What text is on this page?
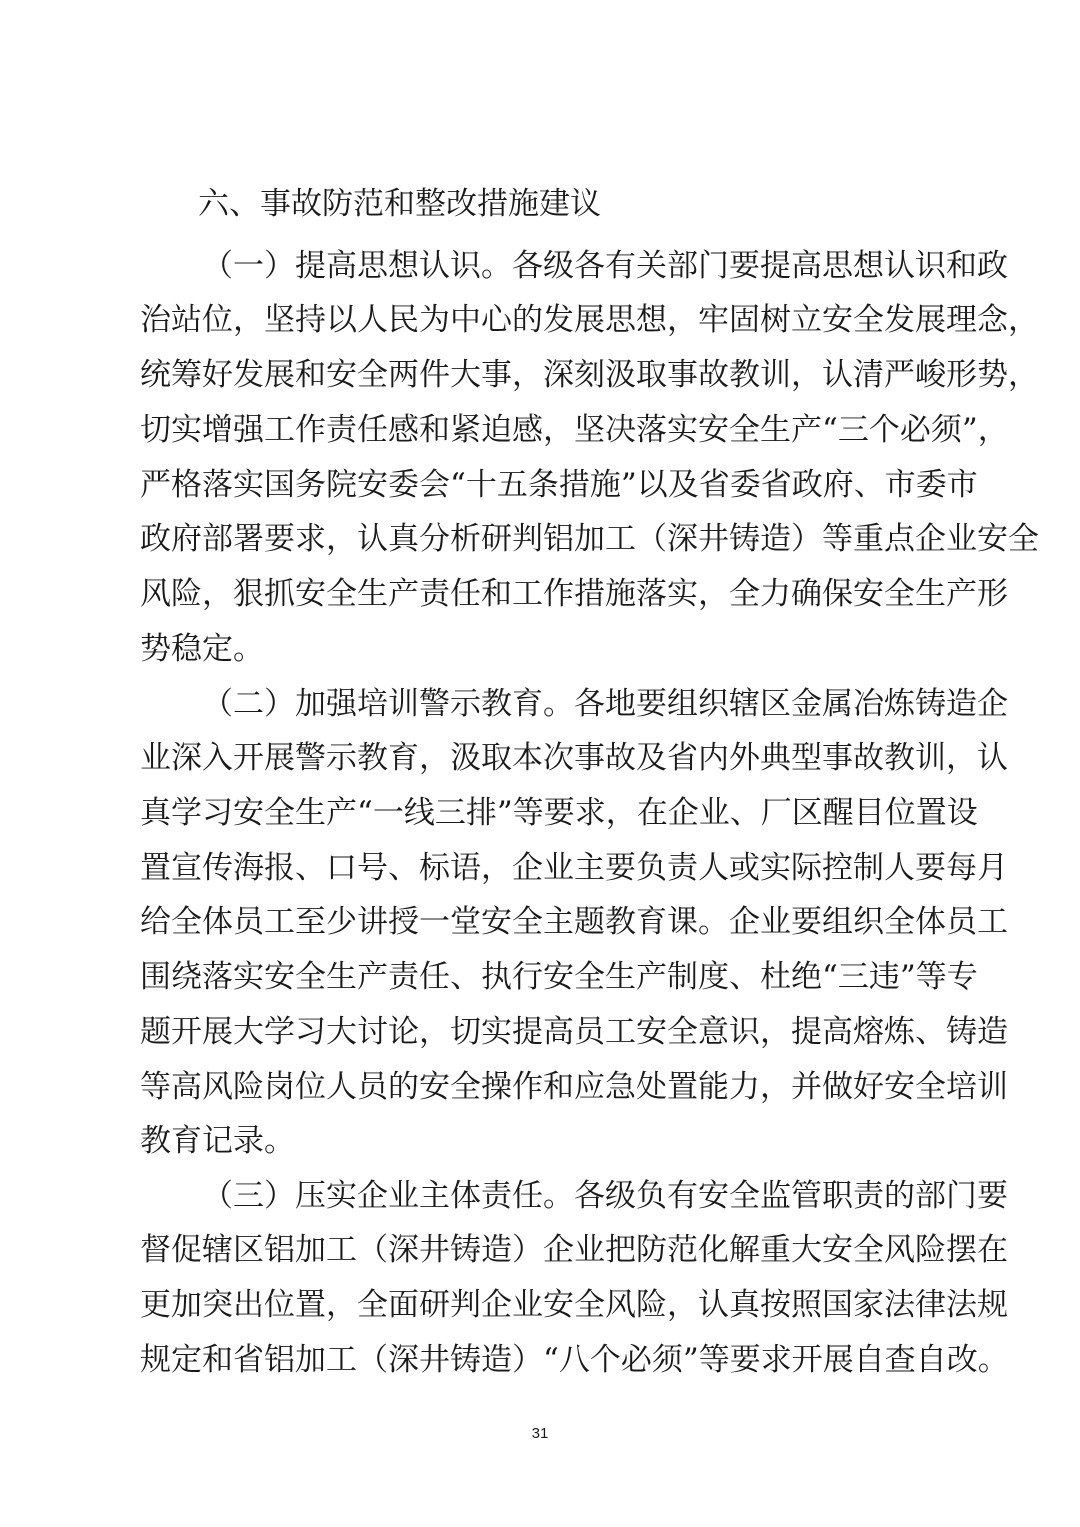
六、事故防范和整改措施建议
（一）提高思想认识。各级各有关部门要提高思想认识和政
治站位，坚持以人民为中心的发展思想，牢固树立安全发展理念，
统筹好发展和安全两件大事，深刻汲取事故教训，认清严峻形势，
切实增强工作责任感和紧迫感，坚决落实安全生产“三个必须”，
严格落实国务院安委会“十五条措施”以及省委省政府、市委市
政府部署要求，认真分析研判铝加工（深井铸造）等重点企业安全
风险，狠抓安全生产责任和工作措施落实，全力确保安全生产形
势稳定。
（二）加强培训警示教育。各地要组织辖区金属冶炼铸造企
业深入开展警示教育，汲取本次事故及省内外典型事故教训，认
真学习安全生产“一线三排”等要求，在企业、厂区醒目位置设
置宣传海报、口号、标语，企业主要负责人或实际控制人要每月
给全体员工至少讲授一堂安全主题教育课。企业要组织全体员工
围绕落实安全生产责任、执行安全生产制度、杜绝“三违”等专
题开展大学习大讨论，切实提高员工安全意识，提高熔炼、铸造
等高风险岗位人员的安全操作和应急处置能力，并做好安全培训
教育记录。
（三）压实企业主体责任。各级负有安全监管职责的部门要
督促辖区铝加工（深井铸造）企业把防范化解重大安全风险摆在
更加突出位置，全面研判企业安全风险，认真按照国家法律法规
规定和省铝加工（深井铸造）“八个必须”等要求开展自查自改。
31
